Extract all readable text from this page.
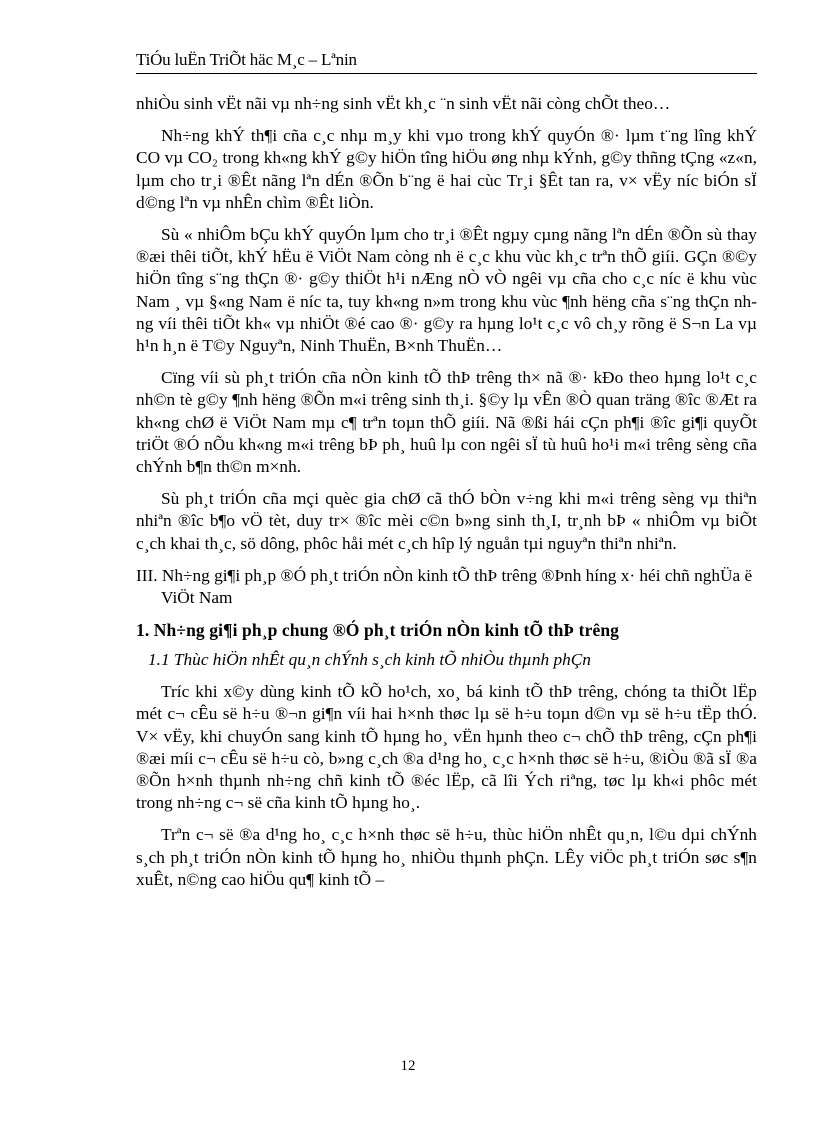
TiÓu luËn TriÕt häc M¸c – Lªnin

nhiÒu sinh vËt nãi vµ nh÷ng sinh vËt kh¸c ¨n sinh vËt nãi còng chÕt theo…

Nh÷ng khÝ th¶i cña c¸c nhµ m¸y khi vµo trong khÝ quyÓn ®· lµm t¨ng lîng khÝ CO vµ CO₂ trong kh«ng khÝ g©y hiÖn tîng hiÖu øng nhµ kÝnh, g©y thñng tÇng «z«n, lµm cho tr¸i ®Êt nãng lªn dÉn ®Õn b¨ng ë hai cùc Tr¸i §Êt tan ra, v× vËy níc biÓn sÏ d©ng lªn vµ nhÊn chìm ®Êt liÒn.

Sù « nhiÔm bÇu khÝ quyÓn lµm cho tr¸i ®Êt ngµy cµng nãng lªn dÉn ®Õn sù thay ®æi thêi tiÕt, khÝ hËu ë ViÖt Nam còng nh ë c¸c khu vùc kh¸c trªn thÕ giíi. GÇn ®©y hiÖn tîng s¨ng thÇn ®· g©y thiÖt h¹i nÆng nÒ vÒ ngêi vµ cña cho c¸c níc ë khu vùc Nam ¸ vµ §«ng Nam ë níc ta, tuy kh«ng n»m trong khu vùc ¶nh hëng cña s¨ng thÇn nhng víi thêi tiÕt kh« vµ nhiÖt ®é cao ®· g©y ra hµng lo¹t c¸c vô ch¸y rõng ë S¬n La vµ h¹n h¸n ë T©y Nguyªn, Ninh ThuËn, B×nh ThuËn…

Cïng víi sù ph¸t triÓn cña nÒn kinh tÕ thÞ trêng th× nã ®· kÐo theo hµng lo¹t c¸c nh©n tè g©y ¶nh hëng ®Õn m«i trêng sinh th¸i. §©y lµ vÊn ®Ò quan träng ®îc ®Æt ra kh«ng chØ ë ViÖt Nam mµ c¶ trªn toµn thÕ giíi. Nã ®ßi hái cÇn ph¶i ®îc gi¶i quyÕt triÖt ®Ó nÕu kh«ng m«i trêng bÞ ph¸ huû lµ con ngêi sÏ tù huû ho¹i m«i trêng sèng cña chÝnh b¶n th©n m×nh.

Sù ph¸t triÓn cña mçi quèc gia chØ cã thÓ bÒn v÷ng khi m«i trêng sèng vµ thiªn nhiªn ®îc b¶o vÖ tèt, duy tr× ®îc mèi c©n b»ng sinh th¸I, tr¸nh bÞ « nhiÔm vµ biÕt c¸ch khai th¸c, sö dông, phôc håi mét c¸ch hîp lý nguån tµi nguyªn thiªn nhiªn.

III. Nh÷ng gi¶i ph¸p ®Ó ph¸t triÓn nÒn kinh tÕ thÞ trêng ®Þnh híng x· héi chñ nghÜa ë ViÖt Nam

1. Nh÷ng gi¶i ph¸p chung ®Ó ph¸t triÓn nÒn kinh tÕ thÞ trêng

1.1 Thùc hiÖn nhÊt qu¸n chÝnh s¸ch kinh tÕ nhiÒu thµnh phÇn

Tríc khi x©y dùng kinh tÕ kÕ ho¹ch, xo¸ bá kinh tÕ thÞ trêng, chóng ta thiÕt lËp mét c¬ cÊu së h÷u ®¬n gi¶n víi hai h×nh thøc lµ së h÷u toµn d©n vµ së h÷u tËp thÓ. V× vËy, khi chuyÓn sang kinh tÕ hµng ho¸ vËn hµnh theo c¬ chÕ thÞ trêng, cÇn ph¶i ®æi míi c¬ cÊu së h÷u cò, b»ng c¸ch ®a d¹ng ho¸ c¸c h×nh thøc së h÷u, ®iÒu ®ã sÏ ®a ®Õn h×nh thµnh nh÷ng chñ kinh tÕ ®éc lËp, cã lîi Ých riªng, tøc lµ kh«i phôc mét trong nh÷ng c¬ së cña kinh tÕ hµng ho¸.

Trªn c¬ së ®a d¹ng ho¸ c¸c h×nh thøc së h÷u, thùc hiÖn nhÊt qu¸n, l©u dµi chÝnh s¸ch ph¸t triÓn nÒn kinh tÕ hµng ho¸ nhiÒu thµnh phÇn. LÊy viÖc ph¸t triÓn søc s¶n xuÊt, n©ng cao hiÖu qu¶ kinh tÕ –

12
